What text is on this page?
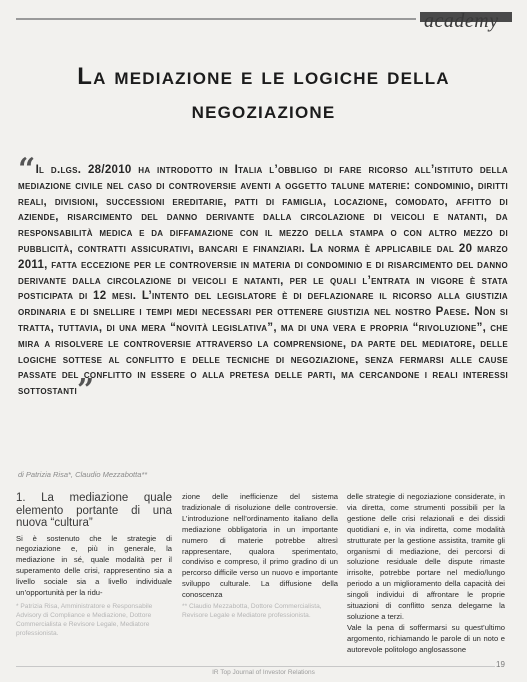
academy
La mediazione e le logiche della negoziazione
“Il d.lgs. 28/2010 ha introdotto in Italia l’obbligo di fare ricorso all’istituto della mediazione civile nel caso di controversie aventi a oggetto talune materie: condominio, diritti reali, divisioni, successioni ereditarie, patti di famiglia, locazione, comodato, affitto di aziende, risarcimento del danno derivante dalla circolazione di veicoli e natanti, da responsabilità medica e da diffamazione con il mezzo della stampa o con altro mezzo di pubblicità, contratti assicurativi, bancari e finanziari. La norma è applicabile dal 20 marzo 2011, fatta eccezione per le controversie in materia di condominio e di risarcimento del danno derivante dalla circolazione di veicoli e natanti, per le quali l’entrata in vigore è stata posticipata di 12 mesi. L’intento del legislatore è di deflazionare il ricorso alla giustizia ordinaria e di snellire i tempi medi necessari per ottenere giustizia nel nostro Paese. Non si tratta, tuttavia, di una mera “novità legislativa”, ma di una vera e propria “rivoluzione”, che mira a risolvere le controversie attraverso la comprensione, da parte del mediatore, delle logiche sottese al conflitto e delle tecniche di negoziazione, senza fermarsi alle cause passate del conflitto in essere o alla pretesa delle parti, ma cercandone i reali interessi sottostanti”
di Patrizia Risa*, Claudio Mezzabotta**
1. La mediazione quale elemento portante di una nuova “cultura”

Si è sostenuto che le strategie di negoziazione e, più in generale, la mediazione in sé, quale modalità per il superamento delle crisi, rappresentino sia a livello sociale sia a livello individuale un’opportunità per la ridu-

zione delle inefficienze del sistema tradizionale di risoluzione delle controversie. L’introduzione nell’ordinamento italiano della mediazione obbligatoria in un importante numero di materie potrebbe altresì rappresentare, qualora sperimentato, condiviso e compreso, il primo gradino di un percorso difficile verso un nuovo e importante sviluppo culturale. La diffusione della conoscenza

delle strategie di negoziazione considerate, in via diretta, come strumenti possibili per la gestione delle crisi relazionali e dei dissidi quotidiani e, in via indiretta, come modalità strutturate per la gestione assistita, tramite gli organismi di mediazione, dei percorsi di soluzione residuale delle dispute rimaste irrisolte, potrebbe portare nel medio/lungo periodo a un miglioramento della capacità dei singoli individui di affrontare le proprie situazioni di conflitto senza delegarne la soluzione a terzi.

Vale la pena di soffermarsi su quest’ultimo argomento, richiamando le parole di un noto e autorevole politologo anglosassone

* Patrizia Risa, Amministratore e Responsabile Advisory di Compliance e Mediazione, Dottore Commercialista e Revisore Legale, Mediatore professionista.
** Claudio Mezzabotta, Dottore Commercialista, Revisore Legale e Mediatore professionista.
IR Top Journal of Investor Relations
19
